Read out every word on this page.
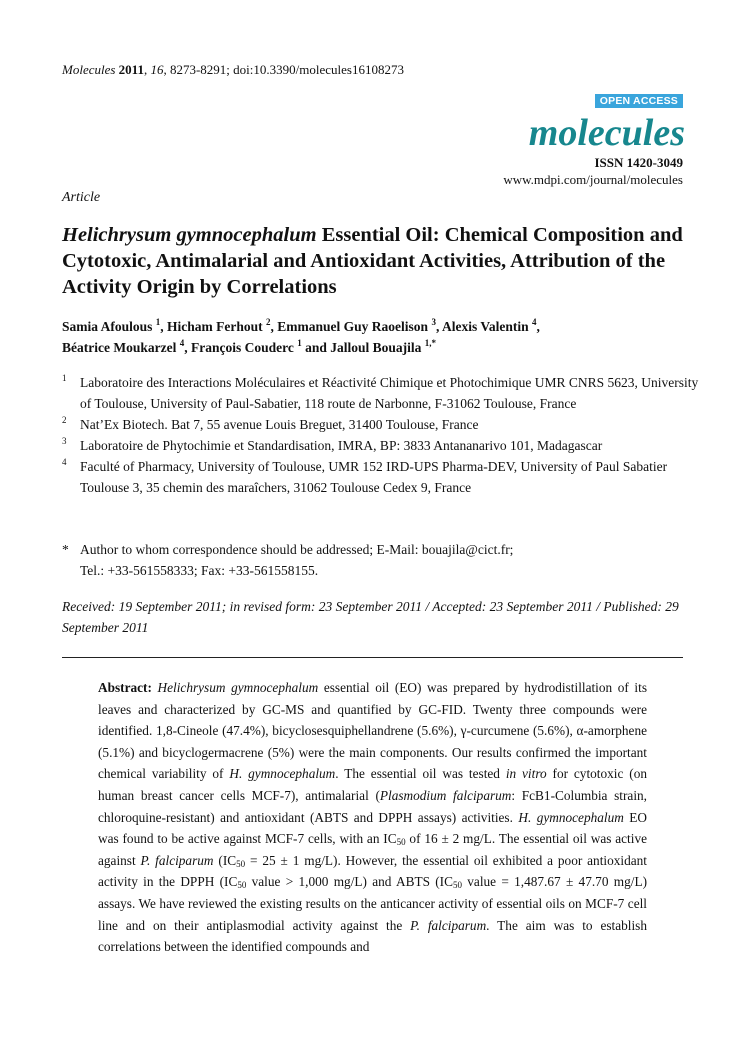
Molecules 2011, 16, 8273-8291; doi:10.3390/molecules16108273
OPEN ACCESS
molecules
ISSN 1420-3049
www.mdpi.com/journal/molecules
Article
Helichrysum gymnocephalum Essential Oil: Chemical Composition and Cytotoxic, Antimalarial and Antioxidant Activities, Attribution of the Activity Origin by Correlations
Samia Afoulous $^1$, Hicham Ferhout $^2$, Emmanuel Guy Raoelison $^3$, Alexis Valentin $^4$,
Béatrice Moukarzel $^4$, François Couderc $^1$ and Jalloul Bouajila $^{1,*}$
1 Laboratoire des Interactions Moléculaires et Réactivité Chimique et Photochimique UMR CNRS 5623, University of Toulouse, University of Paul-Sabatier, 118 route de Narbonne, F-31062 Toulouse, France
2 Nat’Ex Biotech. Bat 7, 55 avenue Louis Breguet, 31400 Toulouse, France
3 Laboratoire de Phytochimie et Standardisation, IMRA, BP: 3833 Antananarivo 101, Madagascar
4 Faculté of Pharmacy, University of Toulouse, UMR 152 IRD-UPS Pharma-DEV, University of Paul Sabatier Toulouse 3, 35 chemin des maraîchers, 31062 Toulouse Cedex 9, France
* Author to whom correspondence should be addressed; E-Mail: bouajila@cict.fr;
Tel.: +33-561558333; Fax: +33-561558155.
Received: 19 September 2011; in revised form: 23 September 2011 / Accepted: 23 September 2011 / Published: 29 September 2011
Abstract: Helichrysum gymnocephalum essential oil (EO) was prepared by hydrodistillation of its leaves and characterized by GC-MS and quantified by GC-FID. Twenty three compounds were identified. 1,8-Cineole (47.4%), bicyclosesquiphellandrene (5.6%), γ-curcumene (5.6%), α-amorphene (5.1%) and bicyclogermacrene (5%) were the main components. Our results confirmed the important chemical variability of H. gymnocephalum. The essential oil was tested in vitro for cytotoxic (on human breast cancer cells MCF-7), antimalarial (Plasmodium falciparum: FcB1-Columbia strain, chloroquine-resistant) and antioxidant (ABTS and DPPH assays) activities. H. gymnocephalum EO was found to be active against MCF-7 cells, with an $IC_{50}$ of 16 ± 2 mg/L. The essential oil was active against P. falciparum ($IC_{50} = 25 \pm 1$ mg/L). However, the essential oil exhibited a poor antioxidant activity in the DPPH ($IC_{50}$ value > 1,000 mg/L) and ABTS ($IC_{50}$ value = 1,487.67 ± 47.70 mg/L) assays. We have reviewed the existing results on the anticancer activity of essential oils on MCF-7 cell line and on their antiplasmodial activity against the P. falciparum. The aim was to establish correlations between the identified compounds and
